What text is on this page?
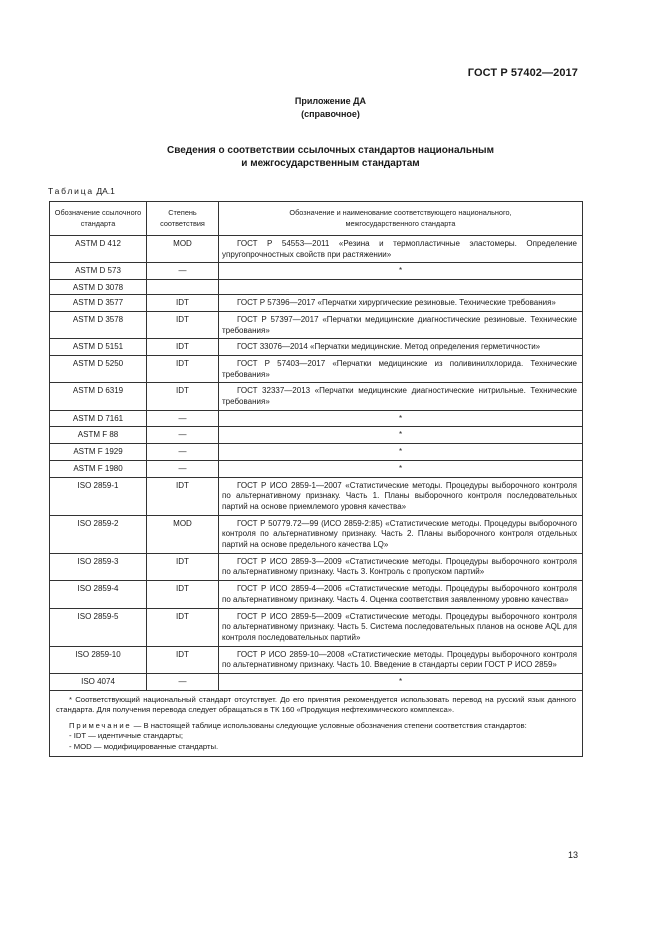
ГОСТ Р 57402—2017
Приложение ДА
(справочное)
Сведения о соответствии ссылочных стандартов национальным
и межгосударственным стандартам
Таблица ДА.1
Обозначение ссылочного стандарта	Степень соответствия	Обозначение и наименование соответствующего национального, межгосударственного стандарта
ASTM D 412	MOD	ГОСТ Р 54553—2011 «Резина и термопластичные эластомеры. Определение упругопрочностных свойств при растяжении»
ASTM D 573	—	*
ASTM D 3078		
ASTM D 3577	IDT	ГОСТ Р 57396—2017 «Перчатки хирургические резиновые. Технические требования»
ASTM D 3578	IDT	ГОСТ Р 57397—2017 «Перчатки медицинские диагностические резиновые. Технические требования»
ASTM D 5151	IDT	ГОСТ 33076—2014 «Перчатки медицинские. Метод определения герметичности»
ASTM D 5250	IDT	ГОСТ Р 57403—2017 «Перчатки медицинские из поливинилхлорида. Технические требования»
ASTM D 6319	IDT	ГОСТ 32337—2013 «Перчатки медицинские диагностические нитрильные. Технические требования»
ASTM D 7161	—	*
ASTM F 88	—	*
ASTM F 1929	—	*
ASTM F 1980	—	*
ISO 2859-1	IDT	ГОСТ Р ИСО 2859-1—2007 «Статистические методы. Процедуры выборочного контроля по альтернативному признаку. Часть 1. Планы выборочного контроля последовательных партий на основе приемлемого уровня качества»
ISO 2859-2	MOD	ГОСТ Р 50779.72—99 (ИСО 2859-2:85) «Статистические методы. Процедуры выборочного контроля по альтернативному признаку. Часть 2. Планы выборочного контроля отдельных партий на основе предельного качества LQ»
ISO 2859-3	IDT	ГОСТ Р ИСО 2859-3—2009 «Статистические методы. Процедуры выборочного контроля по альтернативному признаку. Часть 3. Контроль с пропуском партий»
ISO 2859-4	IDT	ГОСТ Р ИСО 2859-4—2006 «Статистические методы. Процедуры выборочного контроля по альтернативному признаку. Часть 4. Оценка соответствия заявленному уровню качества»
ISO 2859-5	IDT	ГОСТ Р ИСО 2859-5—2009 «Статистические методы. Процедуры выборочного контроля по альтернативному признаку. Часть 5. Система последовательных планов на основе AQL для контроля последовательных партий»
ISO 2859-10	IDT	ГОСТ Р ИСО 2859-10—2008 «Статистические методы. Процедуры выборочного контроля по альтернативному признаку. Часть 10. Введение в стандарты серии ГОСТ Р ИСО 2859»
ISO 4074	—	*

* Соответствующий национальный стандарт отсутствует. До его принятия рекомендуется использовать перевод на русский язык данного стандарта. Для получения перевода следует обращаться в ТК 160 «Продукция нефтехимического комплекса».

Примечание — В настоящей таблице использованы следующие условные обозначения степени соответствия стандартов:

- IDT — идентичные стандарты;

- MOD — модифицированные стандарты.		

13
